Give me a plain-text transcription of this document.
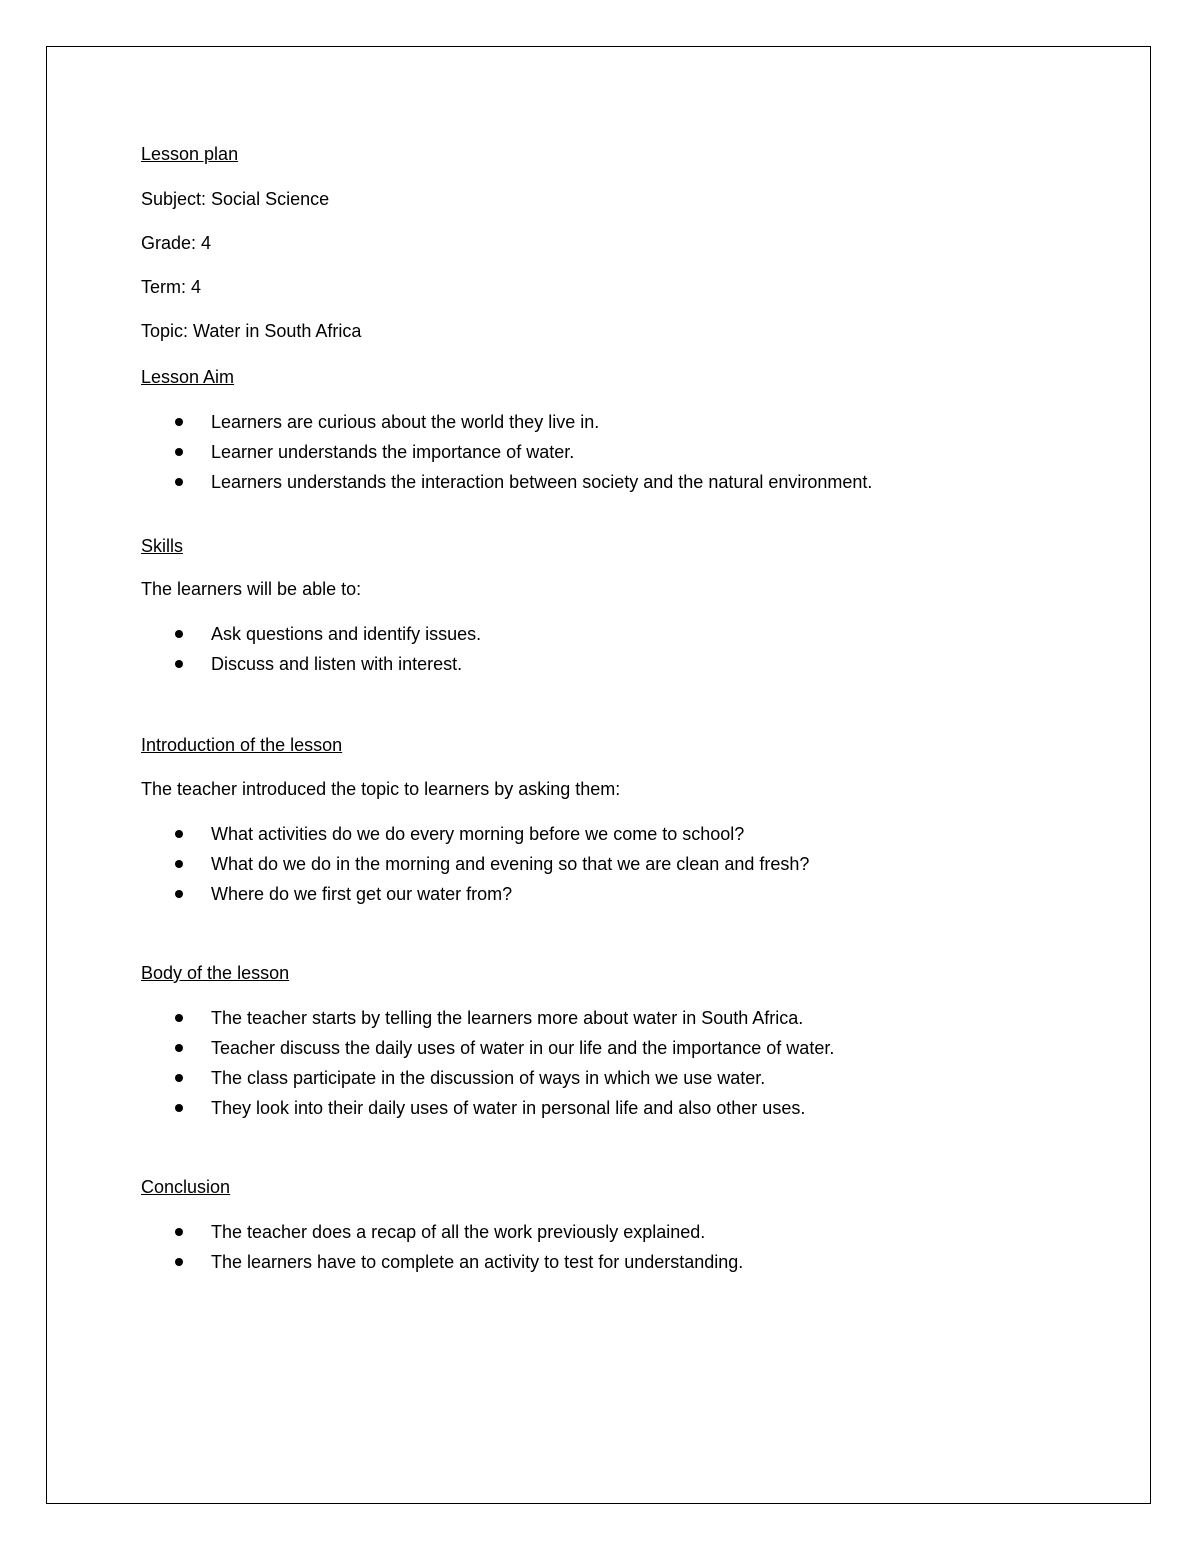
Lesson plan

Subject: Social Science

Grade: 4

Term: 4

Topic: Water in South Africa

Lesson Aim

Learners are curious about the world they live in.
Learner understands the importance of water.
Learners understands the interaction between society and the natural environment.

Skills

The learners will be able to:

Ask questions and identify issues.
Discuss and listen with interest.

Introduction of the lesson

The teacher introduced the topic to learners by asking them:

What activities do we do every morning before we come to school?
What do we do in the morning and evening so that we are clean and fresh?
Where do we first get our water from?

Body of the lesson

The teacher starts by telling the learners more about water in South Africa.
Teacher discuss the daily uses of water in our life and the importance of water.
The class participate in the discussion of ways in which we use water.
They look into their daily uses of water in personal life and also other uses.

Conclusion

The teacher does a recap of all the work previously explained.
The learners have to complete an activity to test for understanding.
